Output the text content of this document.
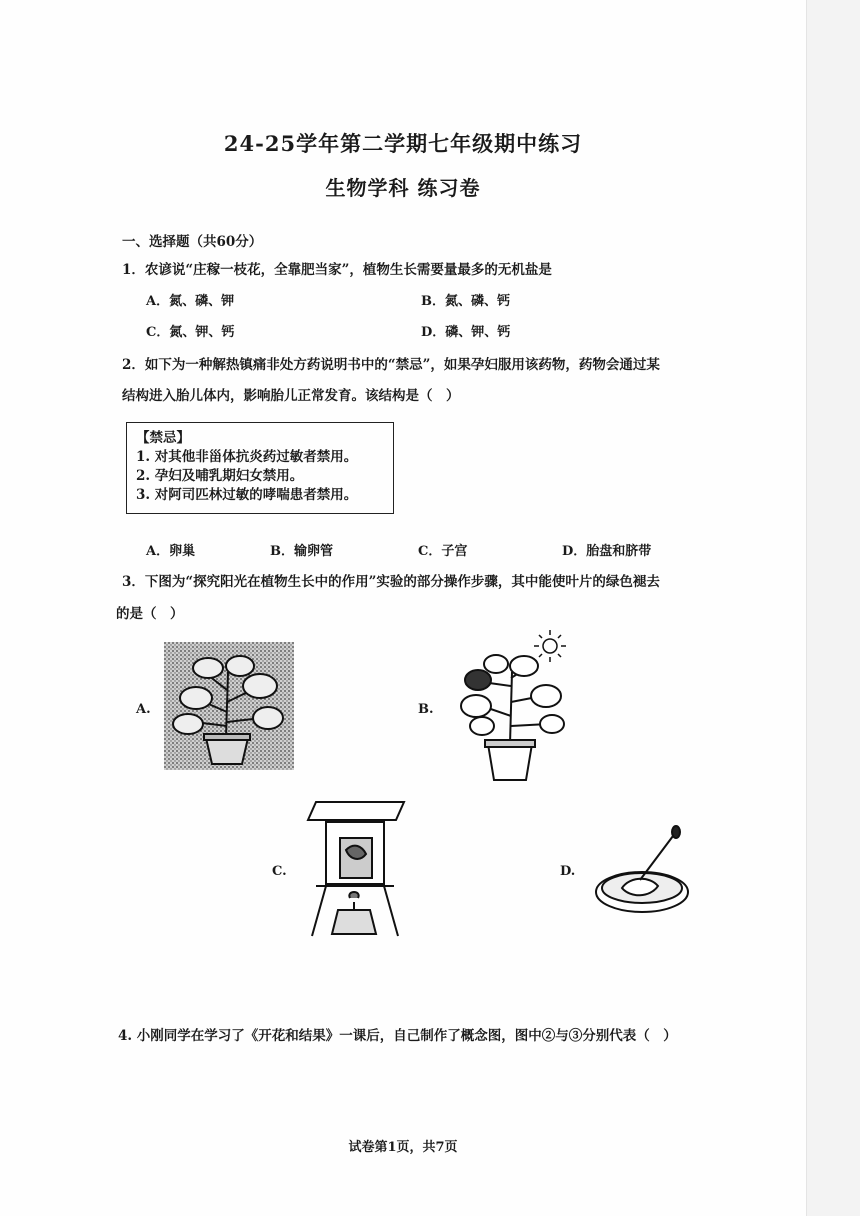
24-25学年第二学期七年级期中练习
生物学科 练习卷
一、选择题（共60分）
1．农谚说“庄稼一枝花，全靠肥当家”，植物生长需要量最多的无机盐是
A．氮、磷、钾	B．氮、磷、钙
C．氮、钾、钙	D．磷、钾、钙
2．如下为一种解热镇痛非处方药说明书中的“禁忌”，如果孕妇服用该药物，药物会通过某
结构进入胎儿体内，影响胎儿正常发育。该结构是（　）
【禁忌】
1. 对其他非甾体抗炎药过敏者禁用。
2. 孕妇及哺乳期妇女禁用。
3. 对阿司匹林过敏的哮喘患者禁用。
A．卵巢	B．输卵管	C．子宫	D．胎盘和脐带
3．下图为“探究阳光在植物生长中的作用”实验的部分操作步骤，其中能使叶片的绿色褪去
的是（　）
A.	B.
C.	D.
4. 小刚同学在学习了《开花和结果》一课后，自己制作了概念图，图中②与③分别代表（　）
试卷第1页，共7页
